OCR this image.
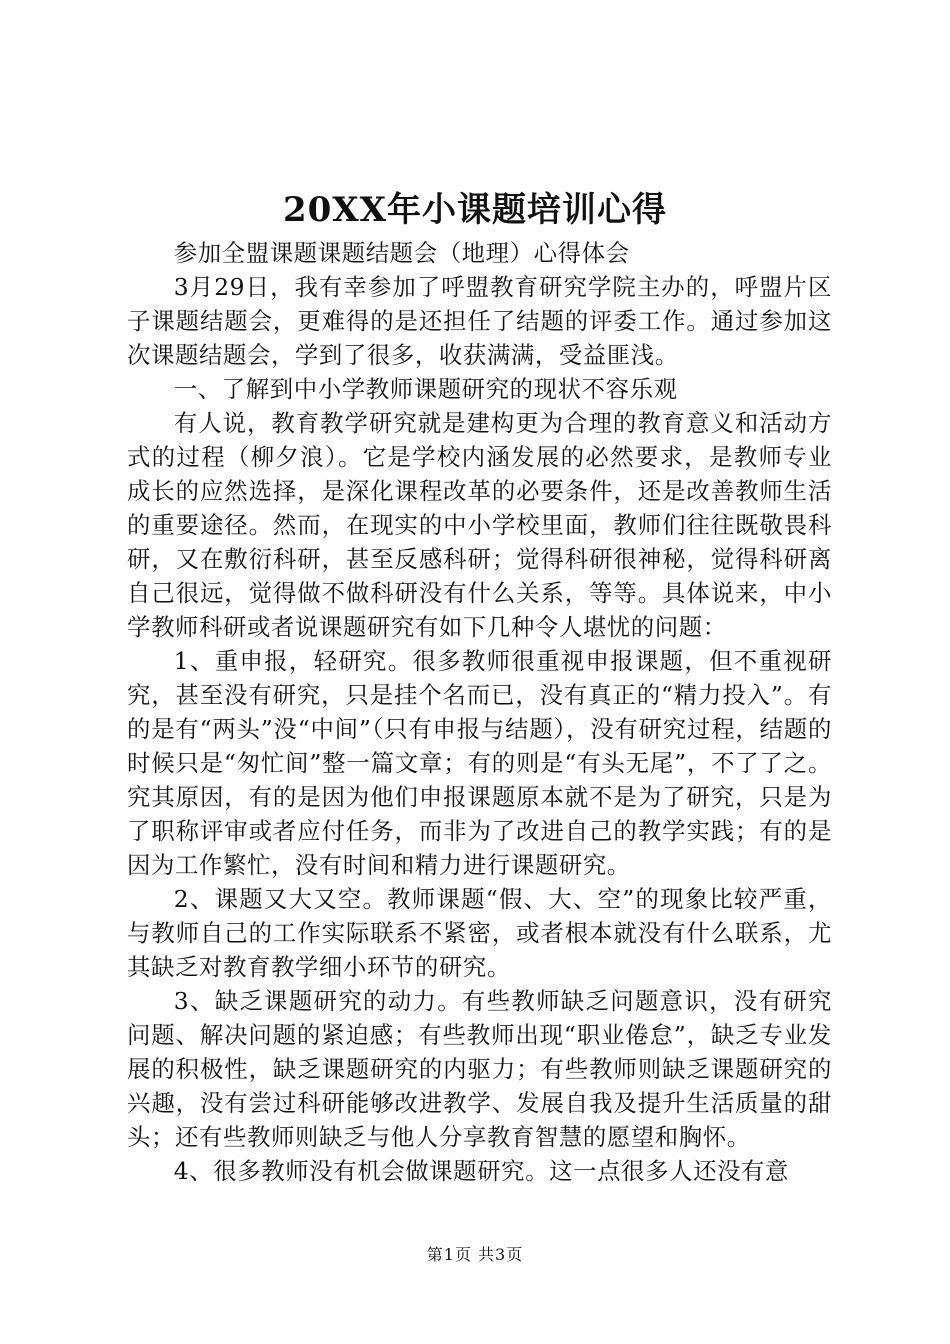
20XX年小课题培训心得

参加全盟课题课题结题会（地理）心得体会

3月29日，我有幸参加了呼盟教育研究学院主办的，呼盟片区子课题结题会，更难得的是还担任了结题的评委工作。通过参加这次课题结题会，学到了很多，收获满满，受益匪浅。

一、了解到中小学教师课题研究的现状不容乐观

有人说，教育教学研究就是建构更为合理的教育意义和活动方式的过程（柳夕浪）。它是学校内涵发展的必然要求，是教师专业成长的应然选择，是深化课程改革的必要条件，还是改善教师生活的重要途径。然而，在现实的中小学校里面，教师们往往既敬畏科研，又在敷衍科研，甚至反感科研；觉得科研很神秘，觉得科研离自己很远，觉得做不做科研没有什么关系，等等。具体说来，中小学教师科研或者说课题研究有如下几种令人堪忧的问题：

1、重申报，轻研究。很多教师很重视申报课题，但不重视研究，甚至没有研究，只是挂个名而已，没有真正的“精力投入”。有的是有“两头”没“中间”（只有申报与结题），没有研究过程，结题的时候只是“匆忙间”整一篇文章；有的则是“有头无尾”，不了了之。究其原因，有的是因为他们申报课题原本就不是为了研究，只是为了职称评审或者应付任务，而非为了改进自己的教学实践；有的是因为工作繁忙，没有时间和精力进行课题研究。

2、课题又大又空。教师课题“假、大、空”的现象比较严重，与教师自己的工作实际联系不紧密，或者根本就没有什么联系，尤其缺乏对教育教学细小环节的研究。

3、缺乏课题研究的动力。有些教师缺乏问题意识，没有研究问题、解决问题的紧迫感；有些教师出现“职业倦怠”，缺乏专业发展的积极性，缺乏课题研究的内驱力；有些教师则缺乏课题研究的兴趣，没有尝过科研能够改进教学、发展自我及提升生活质量的甜头；还有些教师则缺乏与他人分享教育智慧的愿望和胸怀。

4、很多教师没有机会做课题研究。这一点很多人还没有意

第1页 共3页
